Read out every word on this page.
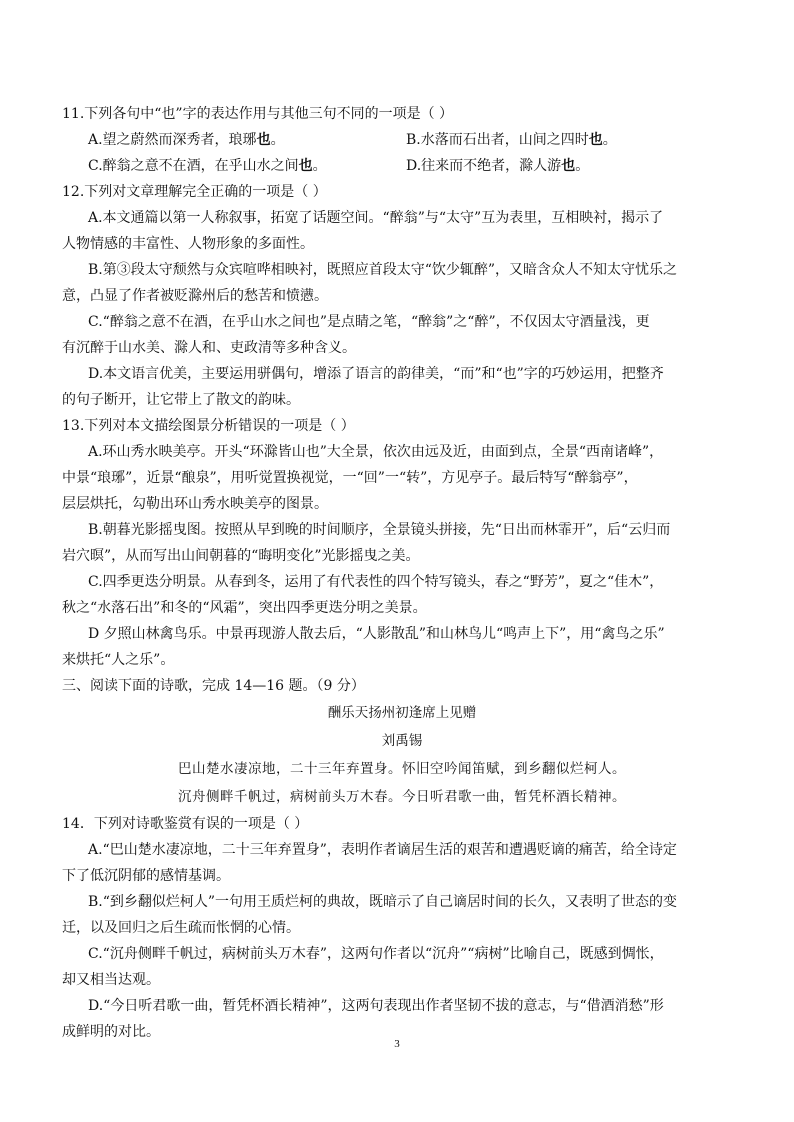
11.下列各句中“也”字的表达作用与其他三句不同的一项是（ ）
A.望之蔚然而深秀者，琅琊也。	B.水落而石出者，山间之四时也。
C.醉翁之意不在酒，在乎山水之间也。	D.往来而不绝者，滁人游也。
12.下列对文章理解完全正确的一项是（ ）
A.本文通篇以第一人称叙事，拓宽了话题空间。“醉翁”与“太守”互为表里，互相映衬，揭示了
人物情感的丰富性、人物形象的多面性。
B.第③段太守颓然与众宾喧哗相映衬，既照应首段太守“饮少辄醉”，又暗含众人不知太守忧乐之
意，凸显了作者被贬滁州后的愁苦和愤懑。
C.“醉翁之意不在酒，在乎山水之间也”是点睛之笔，“醉翁”之“醉”，不仅因太守酒量浅，更
有沉醉于山水美、滁人和、吏政清等多种含义。
D.本文语言优美，主要运用骈偶句，增添了语言的韵律美，“而”和“也”字的巧妙运用，把整齐
的句子断开，让它带上了散文的韵味。
13.下列对本文描绘图景分析错误的一项是（ ）
A.环山秀水映美亭。开头“环滁皆山也”大全景，依次由远及近，由面到点，全景“西南诸峰”，
中景“琅琊”，近景“酿泉”，用听觉置换视觉，一“回”一“转”，方见亭子。最后特写“醉翁亭”，
层层烘托，勾勒出环山秀水映美亭的图景。
B.朝暮光影摇曳图。按照从早到晚的时间顺序，全景镜头拼接，先“日出而林霏开”，后“云归而
岩穴暝”，从而写出山间朝暮的“晦明变化”光影摇曳之美。
C.四季更迭分明景。从春到冬，运用了有代表性的四个特写镜头，春之“野芳”，夏之“佳木”，
秋之“水落石出”和冬的“风霜”，突出四季更迭分明之美景。
D 夕照山林禽鸟乐。中景再现游人散去后，“人影散乱”和山林鸟儿“鸣声上下”，用“禽鸟之乐”
来烘托“人之乐”。
三、阅读下面的诗歌，完成 14—16 题。（9 分）
酬乐天扬州初逢席上见赠
刘禹锡
巴山楚水凄凉地，二十三年弃置身。怀旧空吟闻笛赋，到乡翻似烂柯人。
沉舟侧畔千帆过，病树前头万木春。今日听君歌一曲，暂凭杯酒长精神。
14．下列对诗歌鉴赏有误的一项是（ ）
A.“巴山楚水凄凉地，二十三年弃置身”，表明作者谪居生活的艰苦和遭遇贬谪的痛苦，给全诗定
下了低沉阴郁的感情基调。
B.“到乡翻似烂柯人”一句用王质烂柯的典故，既暗示了自己谪居时间的长久，又表明了世态的变
迁，以及回归之后生疏而怅惘的心情。
C.“沉舟侧畔千帆过，病树前头万木春”，这两句作者以“沉舟”“病树”比喻自己，既感到惆怅，
却又相当达观。
D.“今日听君歌一曲，暂凭杯酒长精神”，这两句表现出作者坚韧不拔的意志，与“借酒消愁”形
成鲜明的对比。
3
